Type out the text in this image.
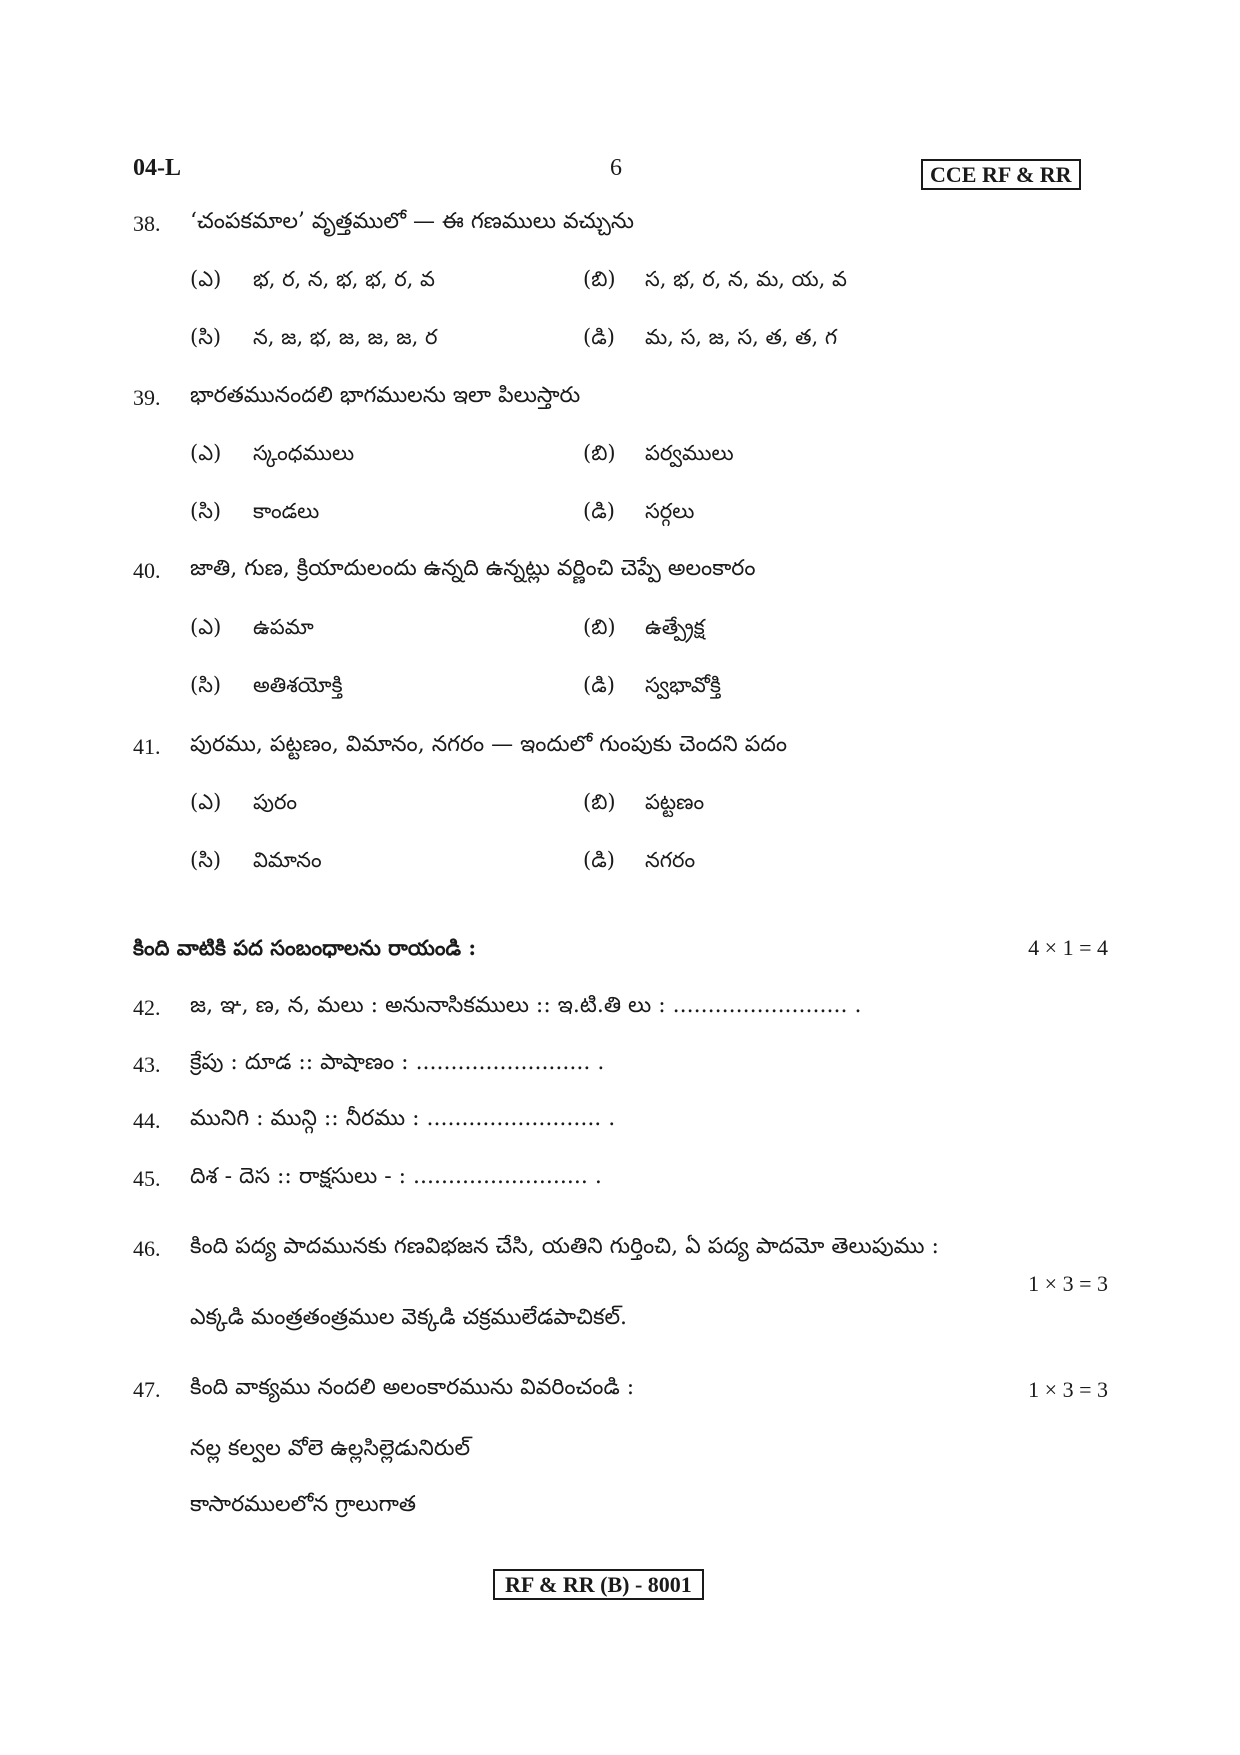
04-L	6	CCE RF & RR
38.	‘చంపకమాల’ వృత్తములో — ఈ గణములు వచ్చును
(ఎ) భ, ర, న, భ, భ, ర, వ	(బి) స, భ, ర, న, మ, య, వ
(సి) న, జ, భ, జ, జ, జ, ర	(డి) మ, స, జ, స, త, త, గ
39.	భారతమునందలి భాగములను ఇలా పిలుస్తారు
(ఎ) స్కంధములు	(బి) పర్వములు
(సి) కాండలు	(డి) సర్గలు
40.	జాతి, గుణ, క్రియాదులందు ఉన్నది ఉన్నట్లు వర్ణించి చెప్పే అలంకారం
(ఎ) ఉపమా	(బి) ఉత్ప్రేక్ష
(సి) అతిశయోక్తి	(డి) స్వభావోక్తి
41.	పురము, పట్టణం, విమానం, నగరం — ఇందులో గుంపుకు చెందని పదం
(ఎ) పురం	(బి) పట్టణం
(సి) విమానం	(డి) నగరం
కింది వాటికి పద సంబంధాలను రాయండి :	4 × 1 = 4
42.	జ, ఞ, ణ, న, మలు : అనునాసికములు :: ఇ.టి.తి లు : ......................... .
43.	క్రేపు : దూడ :: పాషాణం : ......................... .
44.	మునిగి : మున్గి :: నీరము : ......................... .
45.	దిశ - దెస :: రాక్షసులు - : ......................... .
46.	కింది పద్య పాదమునకు గణవిభజన చేసి, యతిని గుర్తించి, ఏ పద్య పాదమో తెలుపుము :
1 × 3 = 3
ఎక్కడి మంత్రతంత్రముల వెక్కడి చక్రములేడపాచికల్.
47.	కింది వాక్యము నందలి అలంకారమును వివరించండి :	1 × 3 = 3
నల్ల కల్వల వోలె ఉల్లసిల్లెడునిరుల్
కాసారములలోన గ్రాలుగాత
RF & RR (B) - 8001
